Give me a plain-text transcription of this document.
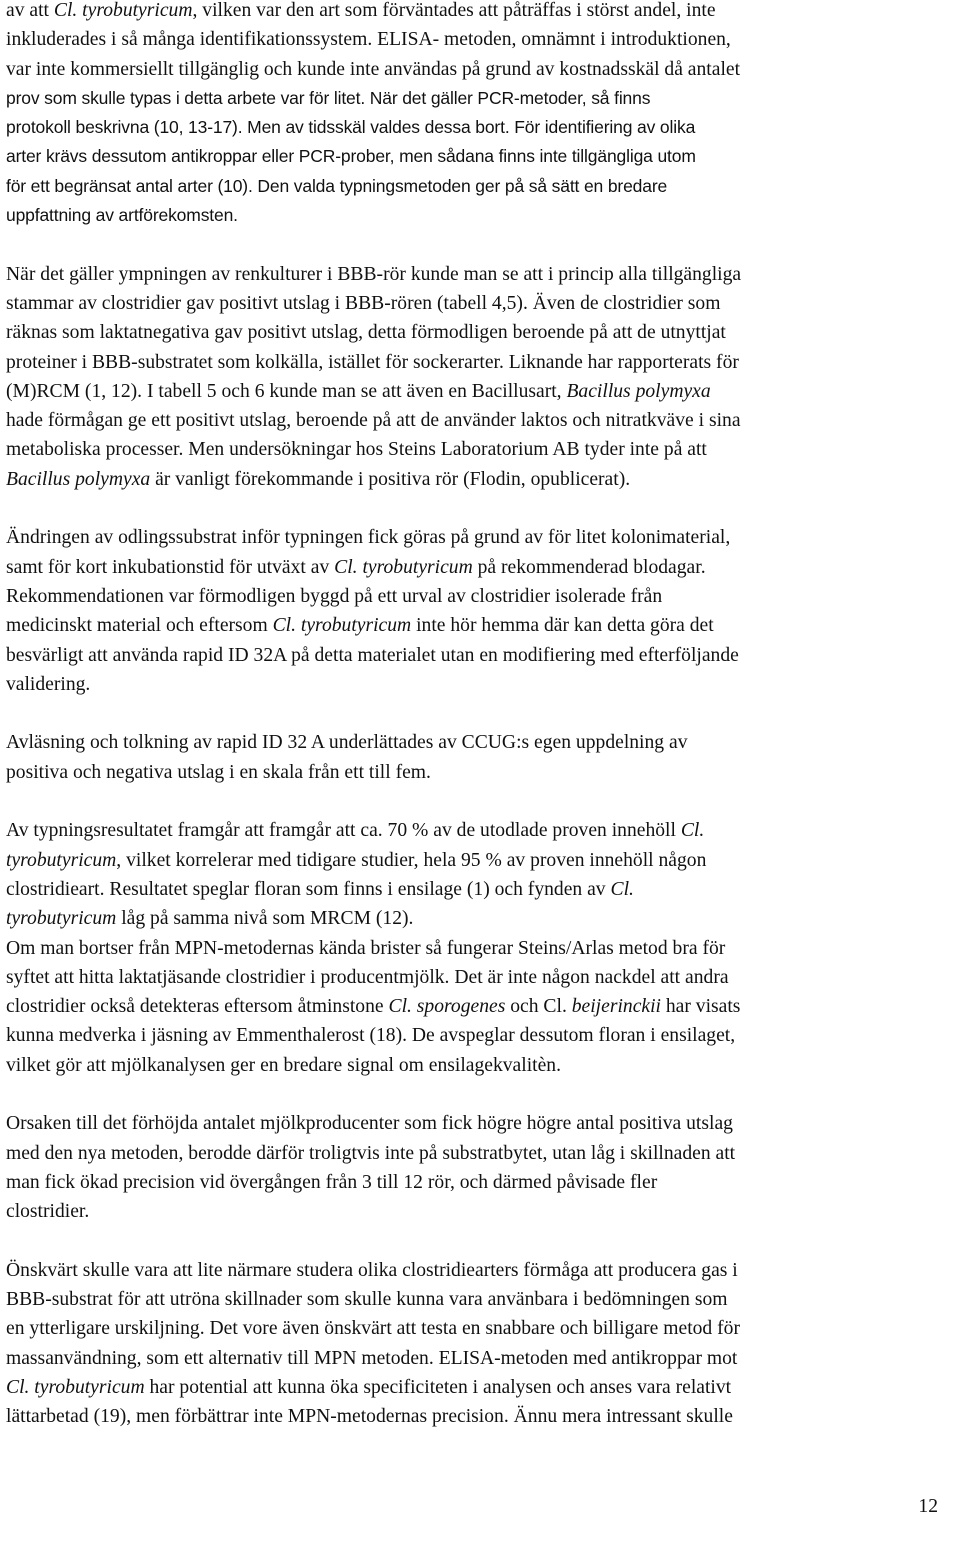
av att Cl. tyrobutyricum, vilken var den art som förväntades att påträffas i störst andel, inte
inkluderades i så många identifikationssystem. ELISA- metoden, omnämnt i introduktionen,
var inte kommersiellt tillgänglig och kunde inte användas på grund av kostnadsskäl då antalet
prov som skulle typas i detta arbete var för litet. När det gäller PCR-metoder, så finns
protokoll beskrivna (10, 13-17). Men av tidsskäl valdes dessa bort. För identifiering av olika
arter krävs dessutom antikroppar eller PCR-prober, men sådana finns inte tillgängliga utom
för ett begränsat antal arter (10). Den valda typningsmetoden ger på så sätt en bredare
uppfattning av artförekomsten.

När det gäller ympningen av renkulturer i BBB-rör kunde man se att i princip alla tillgängliga
stammar av clostridier gav positivt utslag i BBB-rören (tabell 4,5). Även de clostridier som
räknas som laktatnegativa gav positivt utslag, detta förmodligen beroende på att de utnyttjat
proteiner i BBB-substratet som kolkälla, istället för sockerarter. Liknande har rapporterats för
(M)RCM (1, 12). I tabell 5 och 6 kunde man se att även en Bacillusart, Bacillus polymyxa
hade förmågan ge ett positivt utslag, beroende på att de använder laktos och nitratkväve i sina
metaboliska processer. Men undersökningar hos Steins Laboratorium AB tyder inte på att
Bacillus polymyxa är vanligt förekommande i positiva rör (Flodin, opublicerat).

Ändringen av odlingssubstrat inför typningen fick göras på grund av för litet kolonimaterial,
samt för kort inkubationstid för utväxt av Cl. tyrobutyricum på rekommenderad blodagar.
Rekommendationen var förmodligen byggd på ett urval av clostridier isolerade från
medicinskt material och eftersom Cl. tyrobutyricum inte hör hemma där kan detta göra det
besvärligt att använda rapid ID 32A på detta materialet utan en modifiering med efterföljande
validering.

Avläsning och tolkning av rapid ID 32 A underlättades av CCUG:s egen uppdelning av
positiva och negativa utslag i en skala från ett till fem.

Av typningsresultatet framgår att framgår att ca. 70 % av de utodlade proven innehöll Cl.
tyrobutyricum, vilket korrelerar med tidigare studier, hela 95 % av proven innehöll någon
clostridieart. Resultatet speglar floran som finns i ensilage (1) och fynden av Cl.
tyrobutyricum låg på samma nivå som MRCM (12).

Om man bortser från MPN-metodernas kända brister så fungerar Steins/Arlas metod bra för
syftet att hitta laktatjäsande clostridier i producentmjölk. Det är inte någon nackdel att andra
clostridier också detekteras eftersom åtminstone Cl. sporogenes och Cl. beijerinckii har visats
kunna medverka i jäsning av Emmenthalerost (18). De avspeglar dessutom floran i ensilaget,
vilket gör att mjölkanalysen ger en bredare signal om ensilagekvalitèn.

Orsaken till det förhöjda antalet mjölkproducenter som fick högre högre antal positiva utslag
med den nya metoden, berodde därför troligtvis inte på substratbytet, utan låg i skillnaden att
man fick ökad precision vid övergången från 3 till 12 rör, och därmed påvisade fler
clostridier.

Önskvärt skulle vara att lite närmare studera olika clostridiearters förmåga att producera gas i
BBB-substrat för att utröna skillnader som skulle kunna vara använbara i bedömningen som
en ytterligare urskiljning. Det vore även önskvärt att testa en snabbare och billigare metod för
massanvändning, som ett alternativ till MPN metoden. ELISA-metoden med antikroppar mot
Cl. tyrobutyricum har potential att kunna öka specificiteten i analysen och anses vara relativt
lättarbetad (19), men förbättrar inte MPN-metodernas precision. Ännu mera intressant skulle

12
